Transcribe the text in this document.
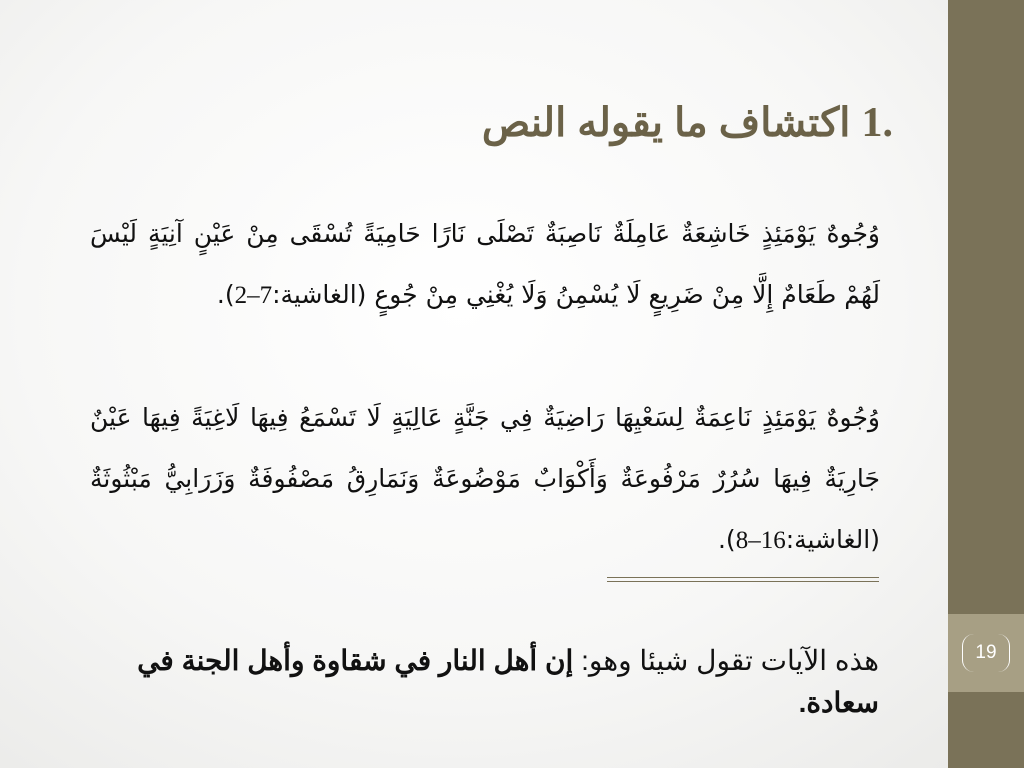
1. اكتشاف ما يقوله النص

وُجُوهٌ يَوْمَئِذٍ خَاشِعَةٌ عَامِلَةٌ نَاصِبَةٌ تَصْلَى نَارًا حَامِيَةً تُسْقَى مِنْ عَيْنٍ آنِيَةٍ لَيْسَ لَهُمْ طَعَامٌ إِلَّا مِنْ ضَرِيعٍ لَا يُسْمِنُ وَلَا يُغْنِي مِنْ جُوعٍ (الغاشية:2–7).

وُجُوهٌ يَوْمَئِذٍ نَاعِمَةٌ لِسَعْيِهَا رَاضِيَةٌ فِي جَنَّةٍ عَالِيَةٍ لَا تَسْمَعُ فِيهَا لَاغِيَةً فِيهَا عَيْنٌ جَارِيَةٌ فِيهَا سُرُرٌ مَرْفُوعَةٌ وَأَكْوَابٌ مَوْضُوعَةٌ وَنَمَارِقُ مَصْفُوفَةٌ وَزَرَابِيُّ مَبْثُوثَةٌ (الغاشية:8–16).

هذه الآيات تقول شيئا وهو: إن أهل النار في شقاوة وأهل الجنة في سعادة.

19
